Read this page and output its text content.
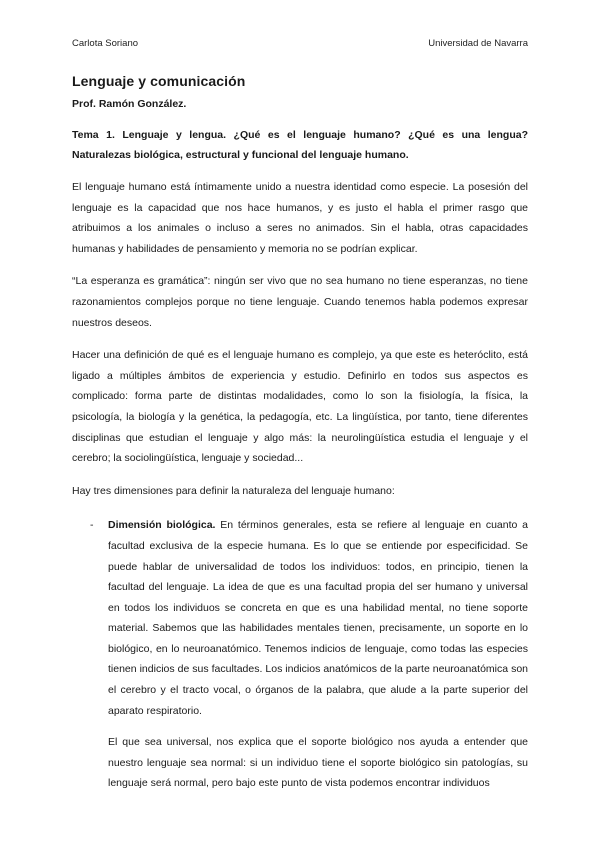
Carlota Soriano	Universidad de Navarra
Lenguaje y comunicación
Prof. Ramón González.
Tema 1. Lenguaje y lengua. ¿Qué es el lenguaje humano? ¿Qué es una lengua? Naturalezas biológica, estructural y funcional del lenguaje humano.

El lenguaje humano está íntimamente unido a nuestra identidad como especie. La posesión del lenguaje es la capacidad que nos hace humanos, y es justo el habla el primer rasgo que atribuimos a los animales o incluso a seres no animados. Sin el habla, otras capacidades humanas y habilidades de pensamiento y memoria no se podrían explicar.

“La esperanza es gramática”: ningún ser vivo que no sea humano no tiene esperanzas, no tiene razonamientos complejos porque no tiene lenguaje. Cuando tenemos habla podemos expresar nuestros deseos.

Hacer una definición de qué es el lenguaje humano es complejo, ya que este es heteróclito, está ligado a múltiples ámbitos de experiencia y estudio. Definirlo en todos sus aspectos es complicado: forma parte de distintas modalidades, como lo son la fisiología, la física, la psicología, la biología y la genética, la pedagogía, etc. La lingüística, por tanto, tiene diferentes disciplinas que estudian el lenguaje y algo más: la neurolingüística estudia el lenguaje y el cerebro; la sociolingüística, lenguaje y sociedad...

Hay tres dimensiones para definir la naturaleza del lenguaje humano:

- Dimensión biológica. En términos generales, esta se refiere al lenguaje en cuanto a facultad exclusiva de la especie humana. Es lo que se entiende por especificidad. Se puede hablar de universalidad de todos los individuos: todos, en principio, tienen la facultad del lenguaje. La idea de que es una facultad propia del ser humano y universal en todos los individuos se concreta en que es una habilidad mental, no tiene soporte material. Sabemos que las habilidades mentales tienen, precisamente, un soporte en lo biológico, en lo neuroanatómico. Tenemos indicios de lenguaje, como todas las especies tienen indicios de sus facultades. Los indicios anatómicos de la parte neuroanatómica son el cerebro y el tracto vocal, o órganos de la palabra, que alude a la parte superior del aparato respiratorio.

El que sea universal, nos explica que el soporte biológico nos ayuda a entender que nuestro lenguaje sea normal: si un individuo tiene el soporte biológico sin patologías, su lenguaje será normal, pero bajo este punto de vista podemos encontrar individuos
